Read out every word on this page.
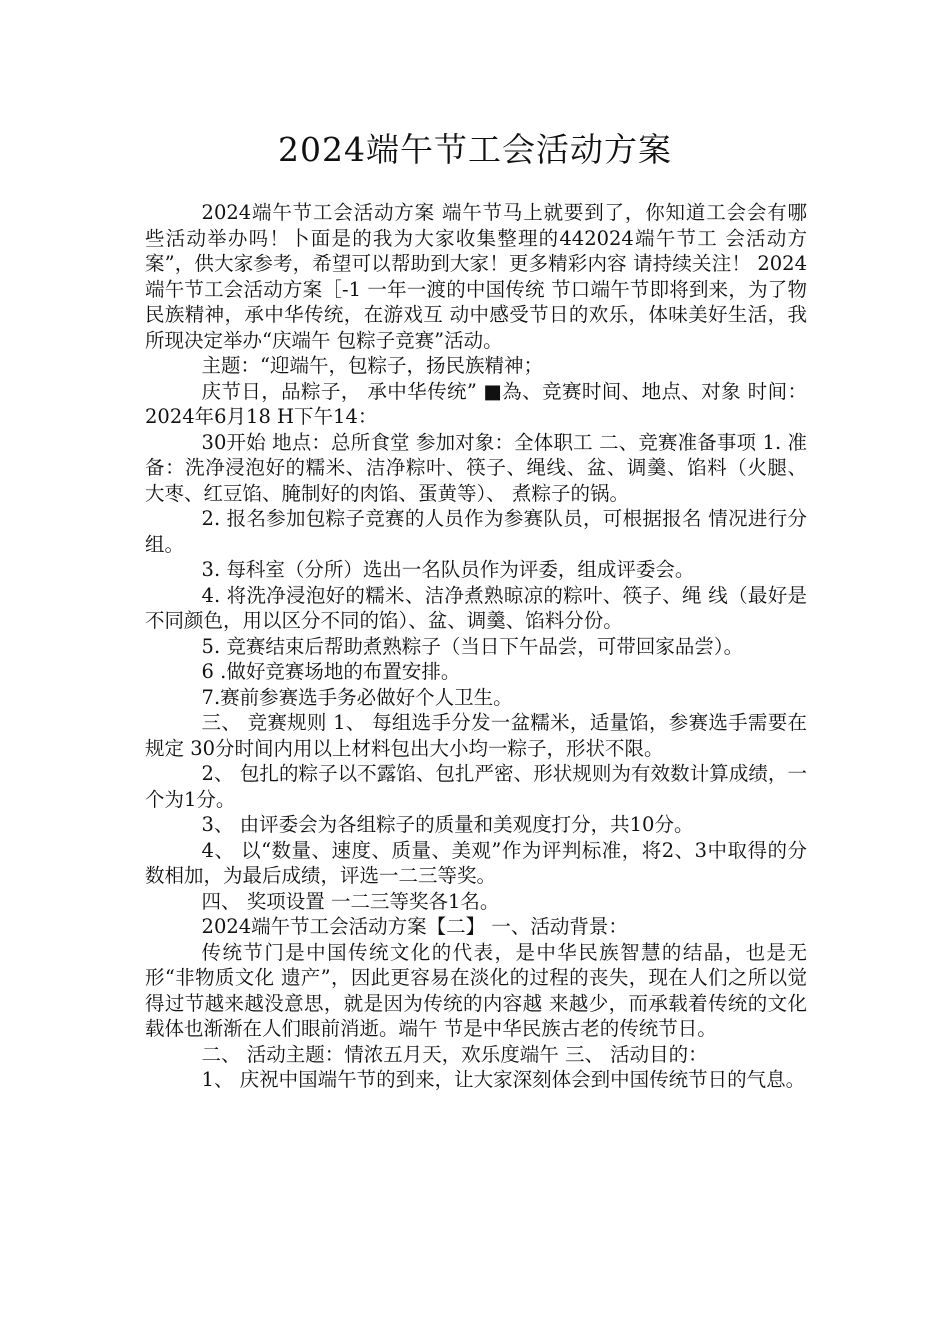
2024端午节工会活动方案

2024端午节工会活动方案 端午节马上就要到了，你知道工会会有哪 些活动举办吗！卜面是的我为大家收集整理的442024端午节工 会活动方案”，供大家参考，希望可以帮助到大家！更多精彩内容 请持续关注！ 2024端午节工会活动方案［-1 一年一渡的中国传统 节口端午节即将到来，为了物民族精神，承中华传统，在游戏互 动中感受节日的欢乐，体味美好生活，我所现决定举办“庆端午 包粽子竞赛”活动。

主题：“迎端午，包粽子，扬民族精神；

庆节日，品粽子， 承中华传统” ■為、竞赛时间、地点、对象 时间：2024年6月18 H下午14：

30开始 地点：总所食堂 参加对象：全体职工 二、竞赛准备事项 1. 准备：洗净浸泡好的糯米、洁净粽叶、筷子、绳线、盆、调羹、馅料（火腿、大枣、红豆馅、腌制好的肉馅、蛋黄等）、 煮粽子的锅。

2. 报名参加包粽子竞赛的人员作为参赛队员，可根据报名 情况进行分组。

3. 每科室（分所）选出一名队员作为评委，组成评委会。

4. 将洗净浸泡好的糯米、洁净煮熟晾凉的粽叶、筷子、绳 线（最好是不同颜色，用以区分不同的馅）、盆、调羹、馅料分份。

5. 竞赛结束后帮助煮熟粽子（当日下午品尝，可带回家品尝）。

6 .做好竞赛场地的布置安排。

7.赛前参赛选手务必做好个人卫生。

三、 竞赛规则 1、 每组选手分发一盆糯米，适量馅，参赛选手需要在规定 30分时间内用以上材料包出大小均一粽子，形状不限。

2、 包扎的粽子以不露馅、包扎严密、形状规则为有效数计算成绩，一个为1分。

3、 由评委会为各组粽子的质量和美观度打分，共10分。

4、 以“数量、速度、质量、美观”作为评判标准，将2、3中取得的分数相加，为最后成绩，评选一二三等奖。

四、 奖项设置 一二三等奖各1名。

2024端午节工会活动方案【二】 一、活动背景：

传统节门是中国传统文化的代表，是中华民族智慧的结晶，也是无形“非物质文化 遗产”，因此更容易在淡化的过程的丧失，现在人们之所以觉得过节越来越没意思，就是因为传统的内容越 来越少，而承载着传统的文化载体也渐渐在人们眼前消逝。端午 节是中华民族古老的传统节日。

二、 活动主题：情浓五月天，欢乐度端午 三、 活动目的：

1、 庆祝中国端午节的到来，让大家深刻体会到中国传统节日的气息。
